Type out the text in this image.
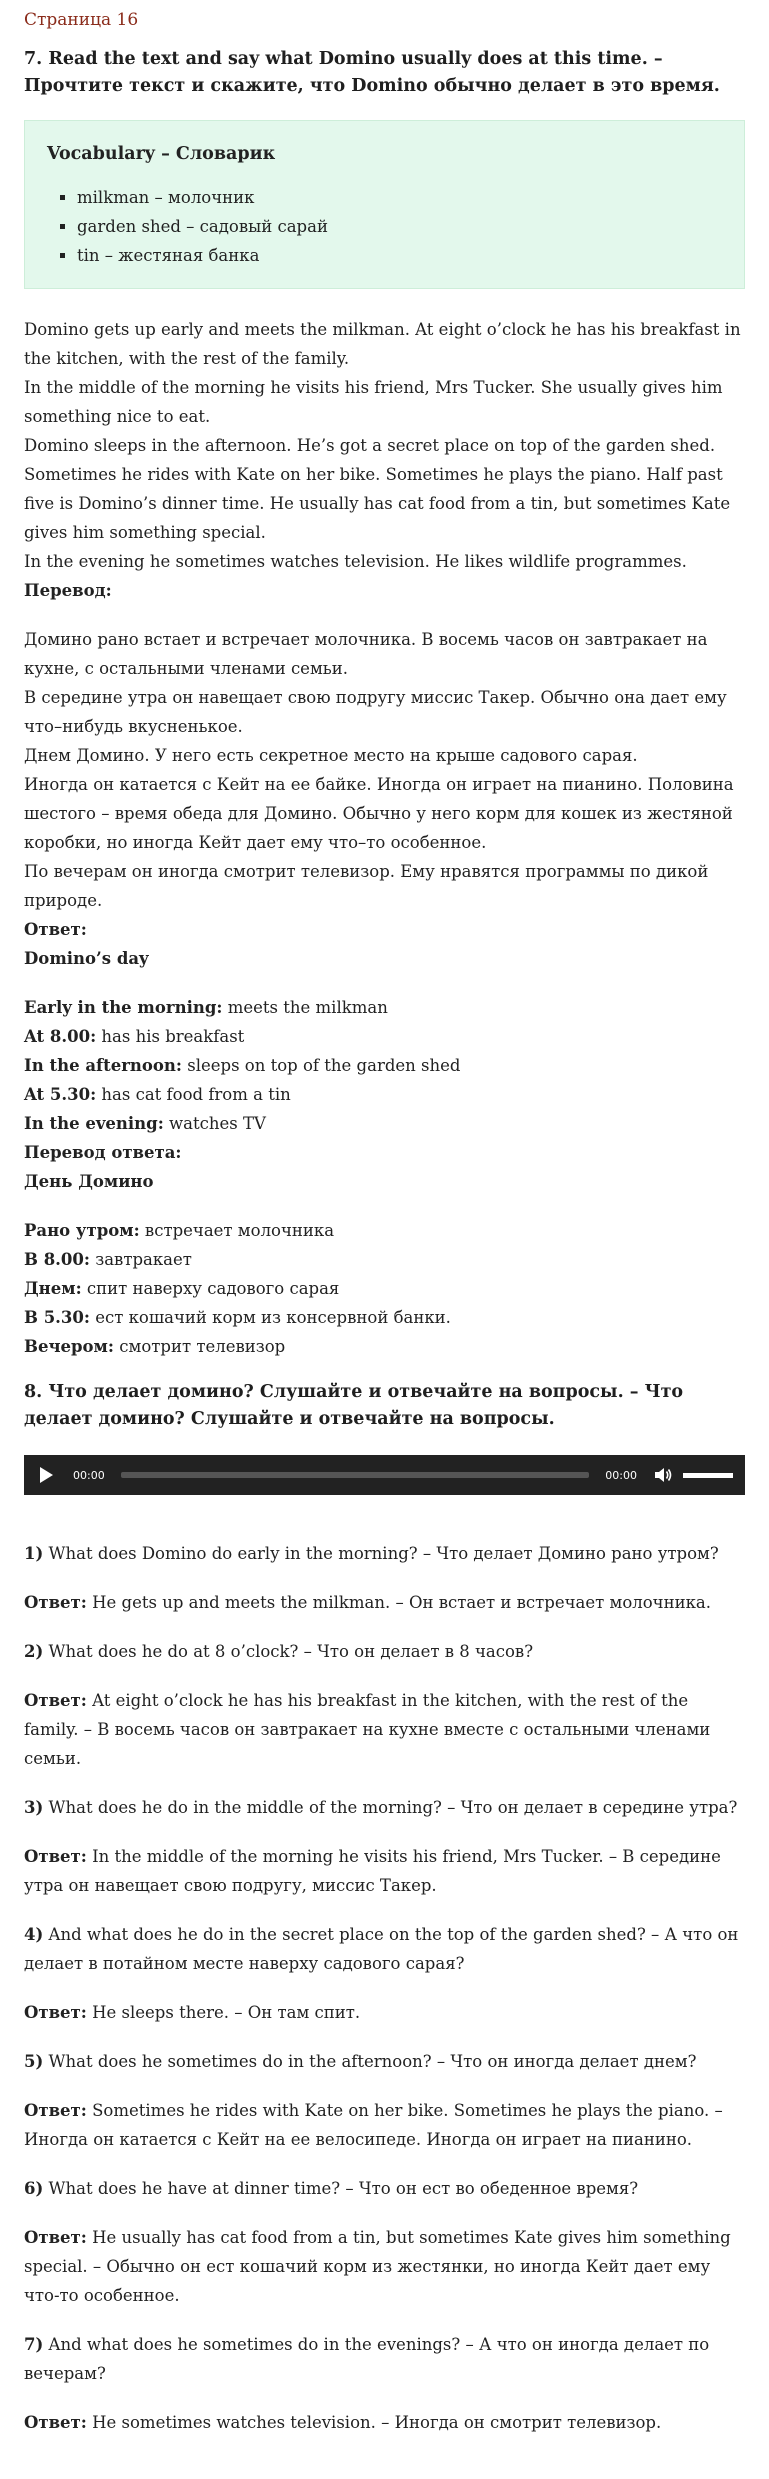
Страница 16
7. Read the text and say what Domino usually does at this time. – Прочтите текст и скажите, что Domino обычно делает в это время.
Vocabulary – Словарик
▪ milkman – молочник
▪ garden shed – садовый сарай
▪ tin – жестяная банка

Domino gets up early and meets the milkman. At eight o’clock he has his breakfast in the kitchen, with the rest of the family.

In the middle of the morning he visits his friend, Mrs Tucker. She usually gives him something nice to eat.

Domino sleeps in the afternoon. He’s got a secret place on top of the garden shed. Sometimes he rides with Kate on her bike. Sometimes he plays the piano. Half past five is Domino’s dinner time. He usually has cat food from a tin, but sometimes Kate gives him something special.

In the evening he sometimes watches television. He likes wildlife programmes.

Перевод:

Домино рано встает и встречает молочника. В восемь часов он завтракает на кухне, с остальными членами семьи.

В середине утра он навещает свою подругу миссис Такер. Обычно она дает ему что–нибудь вкусненькое.

Днем Домино. У него есть секретное место на крыше садового сарая.

Иногда он катается с Кейт на ее байке. Иногда он играет на пианино. Половина шестого – время обеда для Домино. Обычно у него корм для кошек из жестяной коробки, но иногда Кейт дает ему что–то особенное.

По вечерам он иногда смотрит телевизор. Ему нравятся программы по дикой природе.

Ответ:

Domino’s day

Early in the morning: meets the milkman

At 8.00: has his breakfast

In the afternoon: sleeps on top of the garden shed

At 5.30: has cat food from a tin

In the evening: watches TV

Перевод ответа:

День Домино

Рано утром: встречает молочника

В 8.00: завтракает

Днем: спит наверху садового сарая

В 5.30: ест кошачий корм из консервной банки.

Вечером: смотрит телевизор

8. Что делает домино? Слушайте и отвечайте на вопросы. – Что делает домино? Слушайте и отвечайте на вопросы.
00:00	00:00

1) What does Domino do early in the morning? – Что делает Домино рано утром?

Ответ: He gets up and meets the milkman. – Он встает и встречает молочника.

2) What does he do at 8 o’clock? – Что он делает в 8 часов?

Ответ: At eight o’clock he has his breakfast in the kitchen, with the rest of the family. – В восемь часов он завтракает на кухне вместе с остальными членами семьи.

3) What does he do in the middle of the morning? – Что он делает в середине утра?

Ответ: In the middle of the morning he visits his friend, Mrs Tucker. – В середине утра он навещает свою подругу, миссис Такер.

4) And what does he do in the secret place on the top of the garden shed? – А что он делает в потайном месте наверху садового сарая?

Ответ: He sleeps there. – Он там спит.

5) What does he sometimes do in the afternoon? – Что он иногда делает днем?

Ответ: Sometimes he rides with Kate on her bike. Sometimes he plays the piano. – Иногда он катается с Кейт на ее велосипеде. Иногда он играет на пианино.

6) What does he have at dinner time? – Что он ест во обеденное время?

Ответ: He usually has cat food from a tin, but sometimes Kate gives him something special. – Обычно он ест кошачий корм из жестянки, но иногда Кейт дает ему что-то особенное.

7) And what does he sometimes do in the evenings? – А что он иногда делает по вечерам?

Ответ: He sometimes watches television. – Иногда он смотрит телевизор.
